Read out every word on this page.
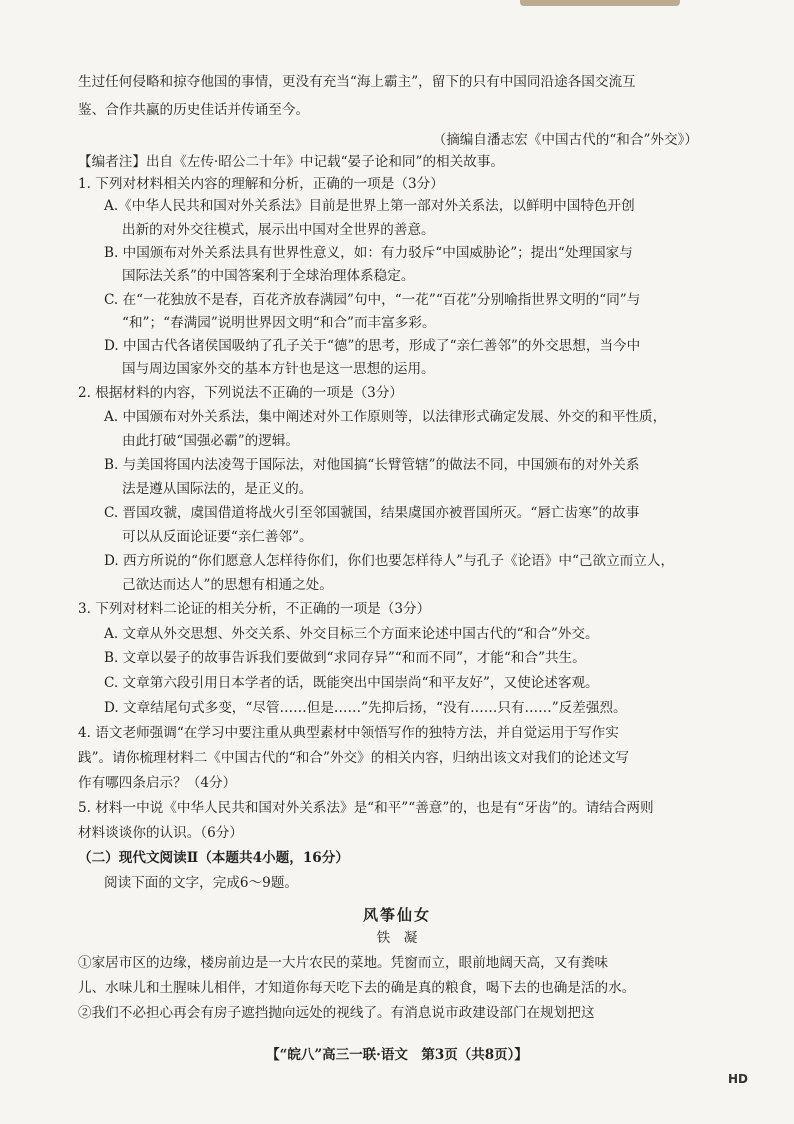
生过任何侵略和掠夺他国的事情，更没有充当“海上霸主”，留下的只有中国同沿途各国交流互
鉴、合作共赢的历史佳话并传诵至今。
（摘编自潘志宏《中国古代的“和合”外交》）
【编者注】出自《左传·昭公二十年》中记载“晏子论和同”的相关故事。
1. 下列对材料相关内容的理解和分析，正确的一项是（3分）
A.《中华人民共和国对外关系法》目前是世界上第一部对外关系法，以鲜明中国特色开创
出新的对外交往模式，展示出中国对全世界的善意。
B. 中国颁布对外关系法具有世界性意义，如：有力驳斥“中国威胁论”；提出“处理国家与
国际法关系”的中国答案利于全球治理体系稳定。
C. 在“一花独放不是春，百花齐放春满园”句中，“一花”“百花”分别喻指世界文明的“同”与
“和”；“春满园”说明世界因文明“和合”而丰富多彩。
D. 中国古代各诸侯国吸纳了孔子关于“德”的思考，形成了“亲仁善邻”的外交思想，当今中
国与周边国家外交的基本方针也是这一思想的运用。
2. 根据材料的内容，下列说法不正确的一项是（3分）
A. 中国颁布对外关系法，集中阐述对外工作原则等，以法律形式确定发展、外交的和平性质，
由此打破“国强必霸”的逻辑。
B. 与美国将国内法凌驾于国际法，对他国搞“长臂管辖”的做法不同，中国颁布的对外关系
法是遵从国际法的，是正义的。
C. 晋国攻虢，虞国借道将战火引至邻国虢国，结果虞国亦被晋国所灭。“唇亡齿寒”的故事
可以从反面论证要“亲仁善邻”。
D. 西方所说的“你们愿意人怎样待你们，你们也要怎样待人”与孔子《论语》中“己欲立而立人，
己欲达而达人”的思想有相通之处。
3. 下列对材料二论证的相关分析，不正确的一项是（3分）
A. 文章从外交思想、外交关系、外交目标三个方面来论述中国古代的“和合”外交。
B. 文章以晏子的故事告诉我们要做到“求同存异”“和而不同”，才能“和合”共生。
C. 文章第六段引用日本学者的话，既能突出中国崇尚“和平友好”，又使论述客观。
D. 文章结尾句式多变，“尽管……但是……”先抑后扬，“没有……只有……”反差强烈。
4. 语文老师强调“在学习中要注重从典型素材中领悟写作的独特方法，并自觉运用于写作实
践”。请你梳理材料二《中国古代的“和合”外交》的相关内容，归纳出该文对我们的论述文写
作有哪四条启示？（4分）
5. 材料一中说《中华人民共和国对外关系法》是“和平”“善意”的，也是有“牙齿”的。请结合两则
材料谈谈你的认识。（6分）
（二）现代文阅读Ⅱ（本题共4小题，16分）
阅读下面的文字，完成6～9题。
风筝仙女
铁　凝
①家居市区的边缘，楼房前边是一大片农民的菜地。凭窗而立，眼前地阔天高，又有粪味
儿、水味儿和土腥味儿相伴，才知道你每天吃下去的确是真的粮食，喝下去的也确是活的水。
②我们不必担心再会有房子遮挡抛向远处的视线了。有消息说市政建设部门在规划把这
【“皖八”高三一联·语文　第3页（共8页）】
HD
